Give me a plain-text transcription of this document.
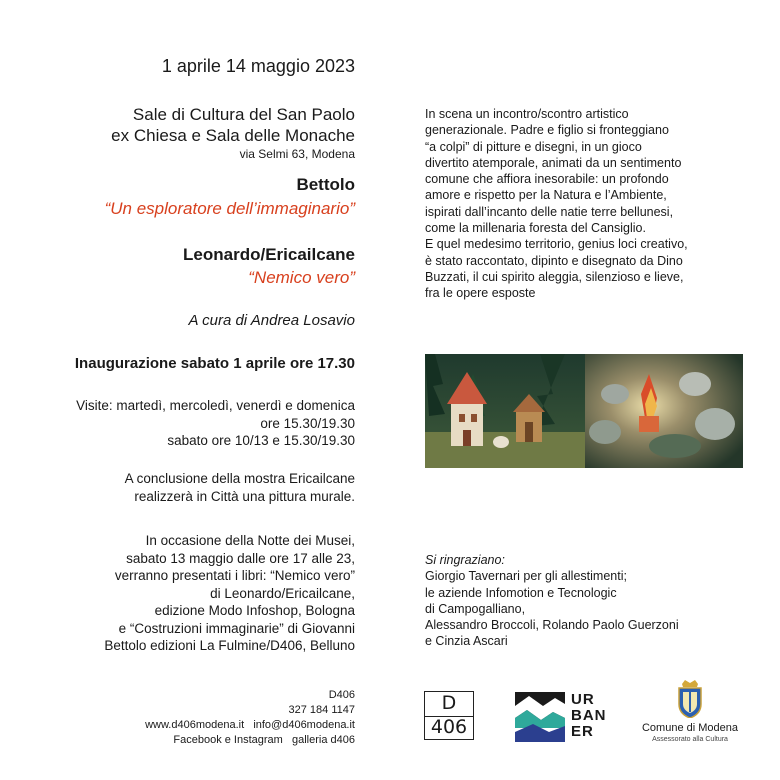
1 aprile 14 maggio 2023
Sale di Cultura del San Paolo
ex Chiesa e Sala delle Monache
via Selmi 63, Modena
Bettolo
“Un esploratore dell’immaginario”
Leonardo/Ericailcane
“Nemico vero”
A cura di Andrea Losavio
Inaugurazione sabato 1 aprile ore 17.30
Visite: martedì, mercoledì, venerdì e domenica
ore 15.30/19.30
sabato ore 10/13 e 15.30/19.30
A conclusione della mostra Ericailcane
realizzerà in Città una pittura murale.
In occasione della Notte dei Musei,
sabato 13 maggio dalle ore 17 alle 23,
verranno presentati i libri: “Nemico vero”
di Leonardo/Ericailcane,
edizione Modo Infoshop, Bologna
e “Costruzioni immaginarie” di Giovanni
Bettolo edizioni La Fulmine/D406, Belluno
D406
327 184 1147
www.d406modena.it info@d406modena.it
Facebook e Instagram   galleria d406
In scena un incontro/scontro artistico
generazionale. Padre e figlio si fronteggiano
“a colpi” di pitture e disegni, in un gioco
divertito atemporale, animati da un sentimento
comune che affiora inesorabile: un profondo
amore e rispetto per la Natura e l’Ambiente,
ispirati dall’incanto delle natie terre bellunesi,
come la millenaria foresta del Cansiglio.
E quel medesimo territorio, genius loci creativo,
è stato raccontato, dipinto e disegnato da Dino
Buzzati, il cui spirito aleggia, silenzioso e lieve,
fra le opere esposte
Si ringraziano:
Giorgio Tavernari per gli allestimenti;
le aziende Infomotion e Tecnologic
di Campogalliano,
Alessandro Broccoli, Rolando Paolo Guerzoni
e Cinzia Ascari
D
406
UR
BAN
ER	Comune di Modena
Assessorato alla Cultura
